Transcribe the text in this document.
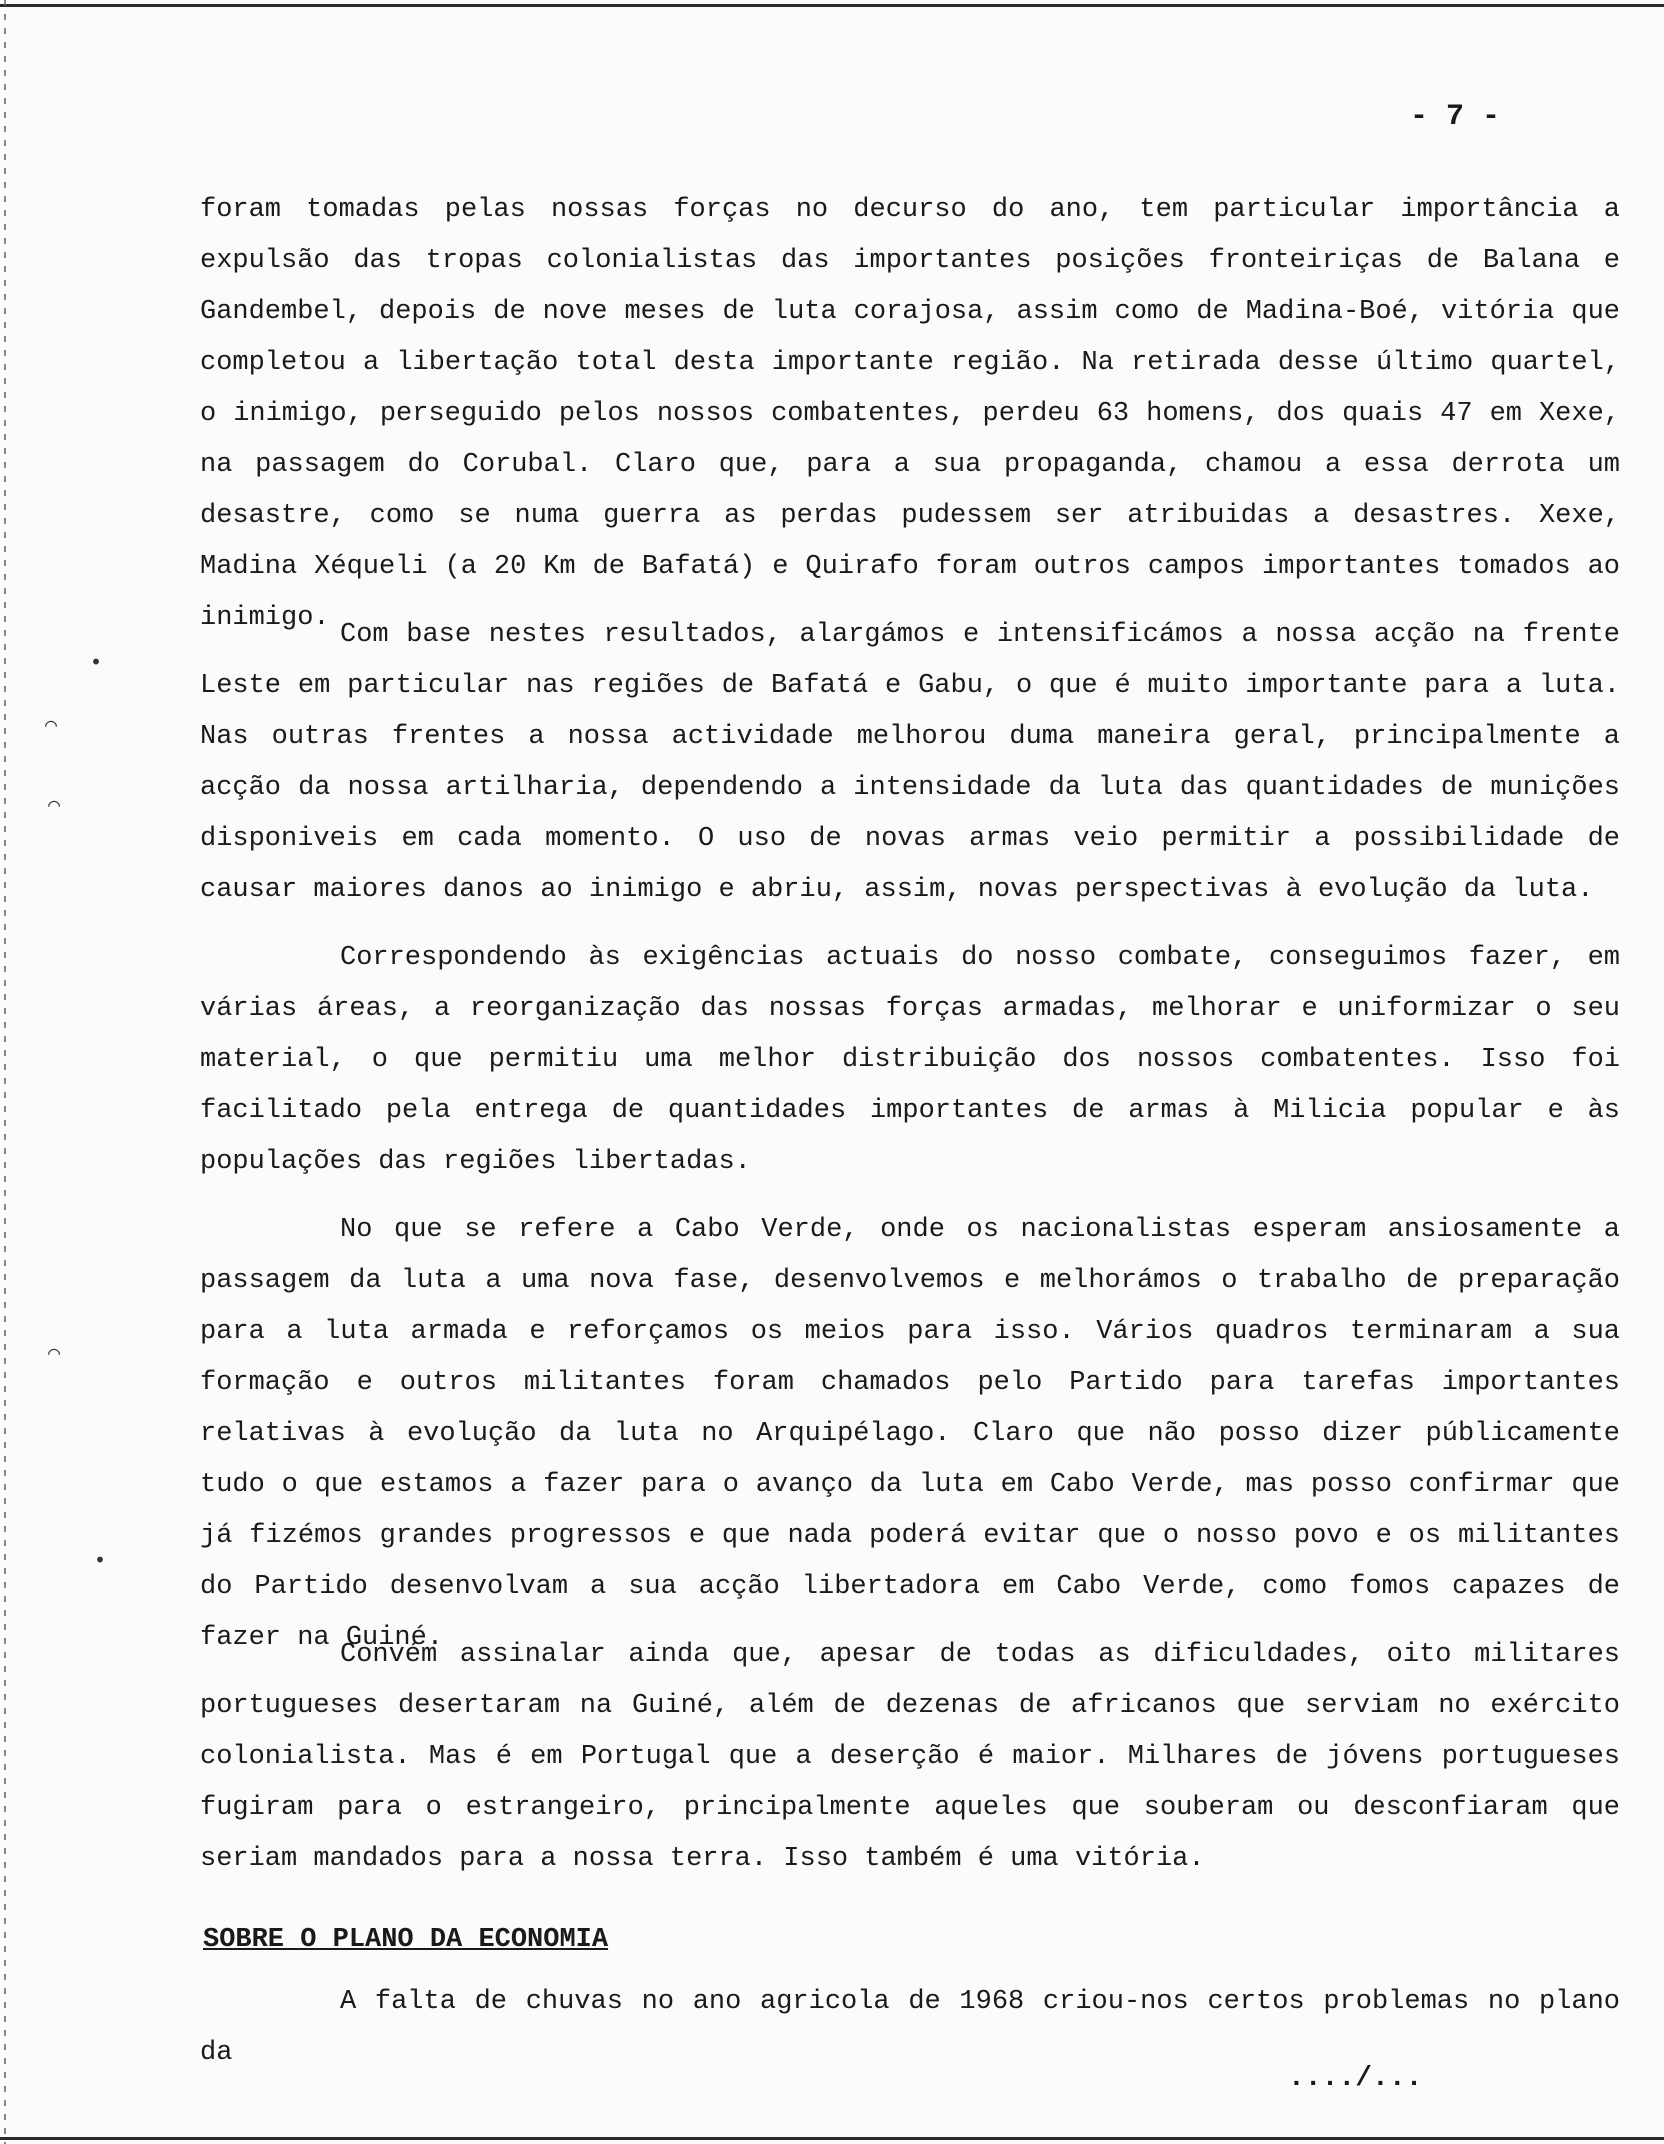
•
⌒
⌒
⌒
•
- 7 -

foram tomadas pelas nossas forças no decurso do ano, tem particular importância a expulsão das tropas colonialistas das importantes posições fronteiriças de Balana e Gandembel, depois de nove meses de luta corajosa, assim como de Madina-Boé, vitória que completou a libertação total desta importante região. Na retirada desse último quartel, o inimigo, perseguido pelos nossos combatentes, perdeu 63 homens, dos quais 47 em Xexe, na passagem do Corubal. Claro que, para a sua propaganda, chamou a essa derrota um desastre, como se numa guerra as perdas pudessem ser atribuidas a desastres. Xexe, Madina Xéqueli (a 20 Km de Bafatá) e Quirafo foram outros campos importantes tomados ao inimigo.

Com base nestes resultados, alargámos e intensificámos a nossa acção na frente Leste em particular nas regiões de Bafatá e Gabu, o que é muito importante para a luta. Nas outras frentes a nossa actividade melhorou duma maneira geral, principalmente a acção da nossa artilharia, dependendo a intensidade da luta das quantidades de munições disponiveis em cada momento. O uso de novas armas veio permitir a possibilidade de causar maiores danos ao inimigo e abriu, assim, novas perspectivas à evolução da luta.

Correspondendo às exigências actuais do nosso combate, conseguimos fazer, em várias áreas, a reorganização das nossas forças armadas, melhorar e uniformizar o seu material, o que permitiu uma melhor distribuição dos nossos combatentes. Isso foi facilitado pela entrega de quantidades importantes de armas à Milicia popular e às populações das regiões libertadas.

No que se refere a Cabo Verde, onde os nacionalistas esperam ansiosamente a passagem da luta a uma nova fase, desenvolvemos e melhorámos o trabalho de preparação para a luta armada e reforçamos os meios para isso. Vários quadros terminaram a sua formação e outros militantes foram chamados pelo Partido para tarefas importantes relativas à evolução da luta no Arquipélago. Claro que não posso dizer públicamente tudo o que estamos a fazer para o avanço da luta em Cabo Verde, mas posso confirmar que já fizémos grandes progressos e que nada poderá evitar que o nosso povo e os militantes do Partido desenvolvam a sua acção libertadora em Cabo Verde, como fomos capazes de fazer na Guiné.

Convém assinalar ainda que, apesar de todas as dificuldades, oito militares portugueses desertaram na Guiné, além de dezenas de africanos que serviam no exército colonialista. Mas é em Portugal que a deserção é maior. Milhares de jóvens portugueses fugiram para o estrangeiro, principalmente aqueles que souberam ou desconfiaram que seriam mandados para a nossa terra. Isso também é uma vitória.

SOBRE O PLANO DA ECONOMIA

A falta de chuvas no ano agricola de 1968 criou-nos certos problemas no plano da

..../...
